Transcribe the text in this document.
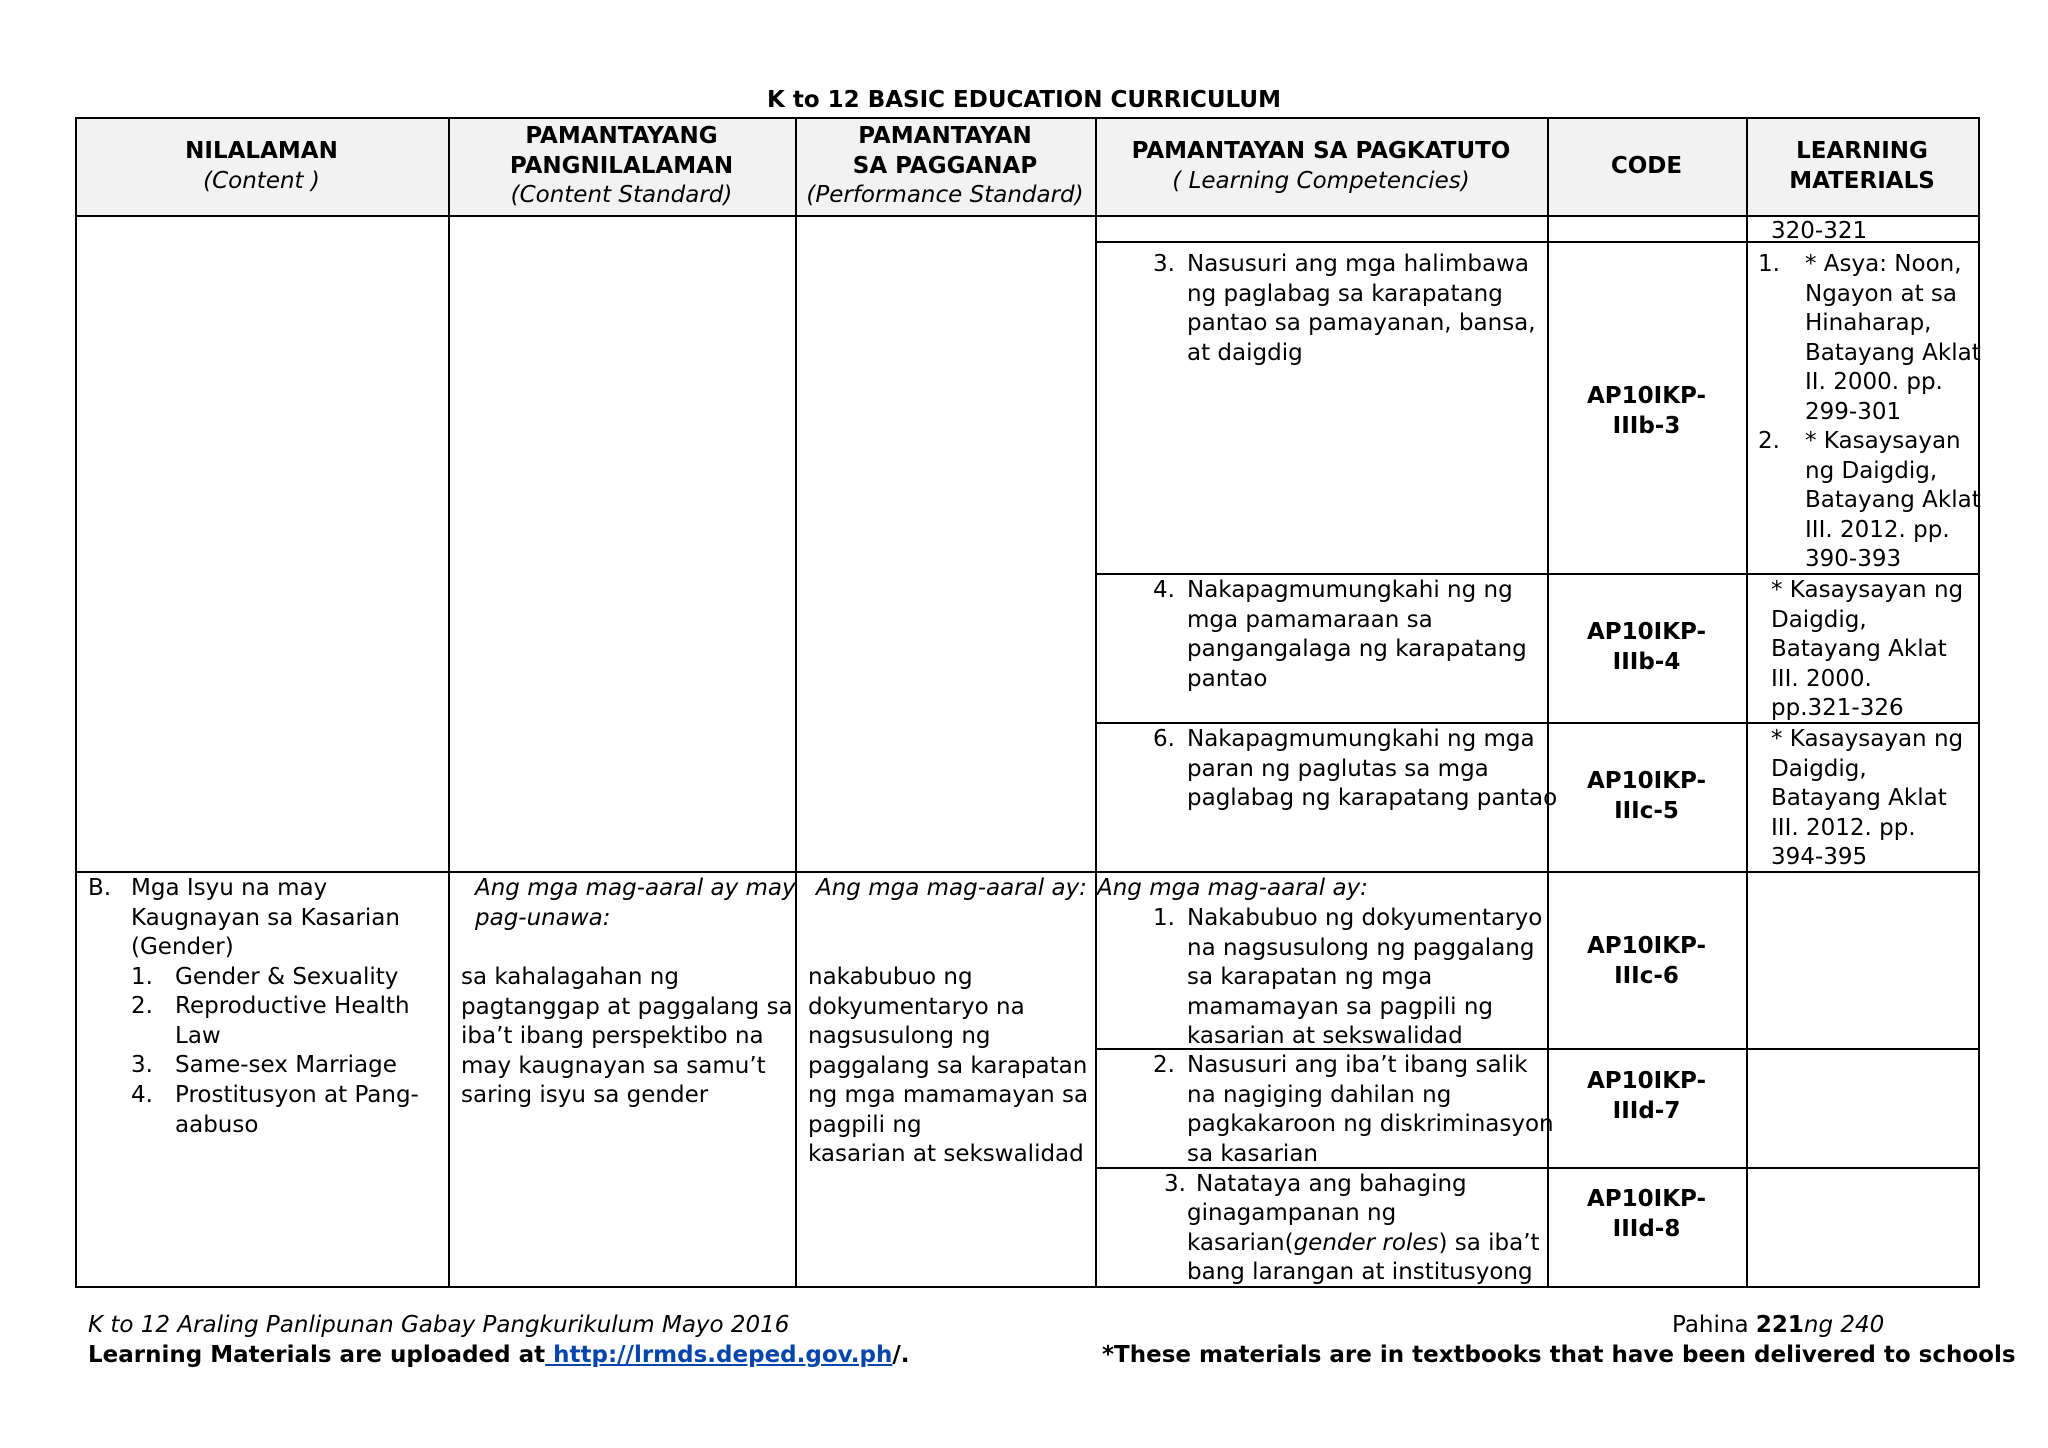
K to 12 BASIC EDUCATION CURRICULUM
NILALAMAN
(Content )
PAMANTAYANG
PANGNILALAMAN
(Content Standard)
PAMANTAYAN
SA PAGGANAP
(Performance Standard)
PAMANTAYAN SA PAGKATUTO
( Learning Competencies)
CODE
LEARNING
MATERIALS
320-321
3. Nasusuri ang mga halimbawa
ng paglabag sa karapatang
pantao sa pamayanan, bansa,
at daigdig
AP10IKP-
IIIb-3
1. * Asya: Noon,
Ngayon at sa
Hinaharap,
Batayang Aklat
II. 2000. pp.
299-301
2. * Kasaysayan
ng Daigdig,
Batayang Aklat
III. 2012. pp.
390-393
4. Nakapagmumungkahi ng ng
mga pamamaraan sa
pangangalaga ng karapatang
pantao
AP10IKP-
IIIb-4
* Kasaysayan ng
Daigdig,
Batayang Aklat
III. 2000.
pp.321-326
6. Nakapagmumungkahi ng mga
paran ng paglutas sa mga
paglabag ng karapatang pantao
AP10IKP-
IIIc-5
* Kasaysayan ng
Daigdig,
Batayang Aklat
III. 2012. pp.
394-395
B. Mga Isyu na may
Kaugnayan sa Kasarian
(Gender)
1. Gender & Sexuality
2. Reproductive Health
Law
3. Same-sex Marriage
4. Prostitusyon at Pang-
aabuso
Ang mga mag-aaral ay may
pag-unawa:
sa kahalagahan ng
pagtanggap at paggalang sa
iba’t ibang perspektibo na
may kaugnayan sa samu’t
saring isyu sa gender
Ang mga mag-aaral ay:
nakabubuo ng
dokyumentaryo na
nagsusulong ng
paggalang sa karapatan
ng mga mamamayan sa
pagpili ng
kasarian at sekswalidad
Ang mga mag-aaral ay:
1. Nakabubuo ng dokyumentaryo
na nagsusulong ng paggalang
sa karapatan ng mga
mamamayan sa pagpili ng
kasarian at sekswalidad
AP10IKP-
IIIc-6
2. Nasusuri ang iba’t ibang salik
na nagiging dahilan ng
pagkakaroon ng diskriminasyon
sa kasarian
AP10IKP-
IIId-7
3. Natataya ang bahaging
ginagampanan ng
kasarian(gender roles) sa iba’t
bang larangan at institusyong
AP10IKP-
IIId-8
K to 12 Araling Panlipunan Gabay Pangkurikulum Mayo 2016
Learning Materials are uploaded at http://lrmds.deped.gov.ph/.
Pahina 221ng 240
*These materials are in textbooks that have been delivered to schools
